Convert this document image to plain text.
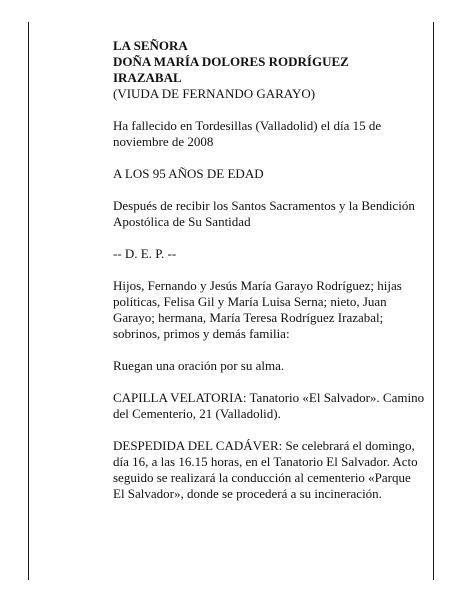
LA SEÑORA
DOÑA MARÍA DOLORES RODRÍGUEZ
IRAZABAL
(VIUDA DE FERNANDO GARAYO)

Ha fallecido en Tordesillas (Valladolid) el día 15 de noviembre de 2008

A LOS 95 AÑOS DE EDAD

Después de recibir los Santos Sacramentos y la Bendición Apostólica de Su Santidad

-- D. E. P. --

Hijos, Fernando y Jesús María Garayo Rodríguez; hijas políticas, Felisa Gil y María Luisa Serna; nieto, Juan Garayo; hermana, María Teresa Rodríguez Irazabal; sobrinos, primos y demás familia:

Ruegan una oración por su alma.

CAPILLA VELATORIA: Tanatorio «El Salvador». Camino del Cementerio, 21 (Valladolid).

DESPEDIDA DEL CADÁVER: Se celebrará el domingo, día 16, a las 16.15 horas, en el Tanatorio El Salvador. Acto seguido se realizará la conducción al cementerio «Parque El Salvador», donde se procederá a su incineración.
